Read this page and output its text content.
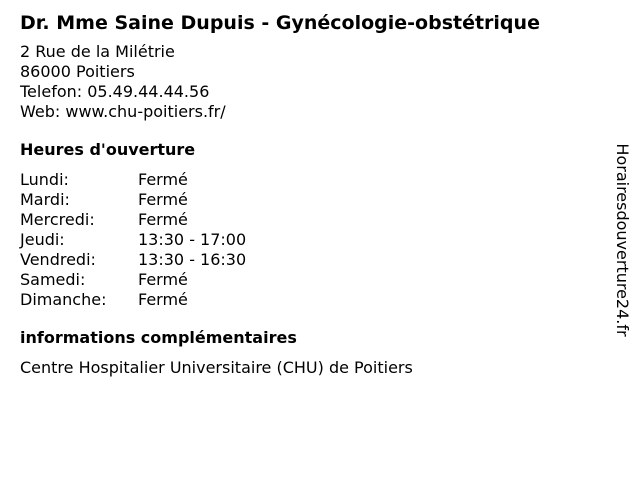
Dr. Mme Saine Dupuis - Gynécologie-obstétrique
2 Rue de la Milétrie
86000 Poitiers
Telefon: 05.49.44.44.56
Web: www.chu-poitiers.fr/
Heures d'ouverture
Lundi:	Fermé
Mardi:	Fermé
Mercredi:	Fermé
Jeudi:	13:30 - 17:00
Vendredi:	13:30 - 16:30
Samedi:	Fermé
Dimanche:	Fermé
informations complémentaires
Centre Hospitalier Universitaire (CHU) de Poitiers
Horairesdouverture24.fr
